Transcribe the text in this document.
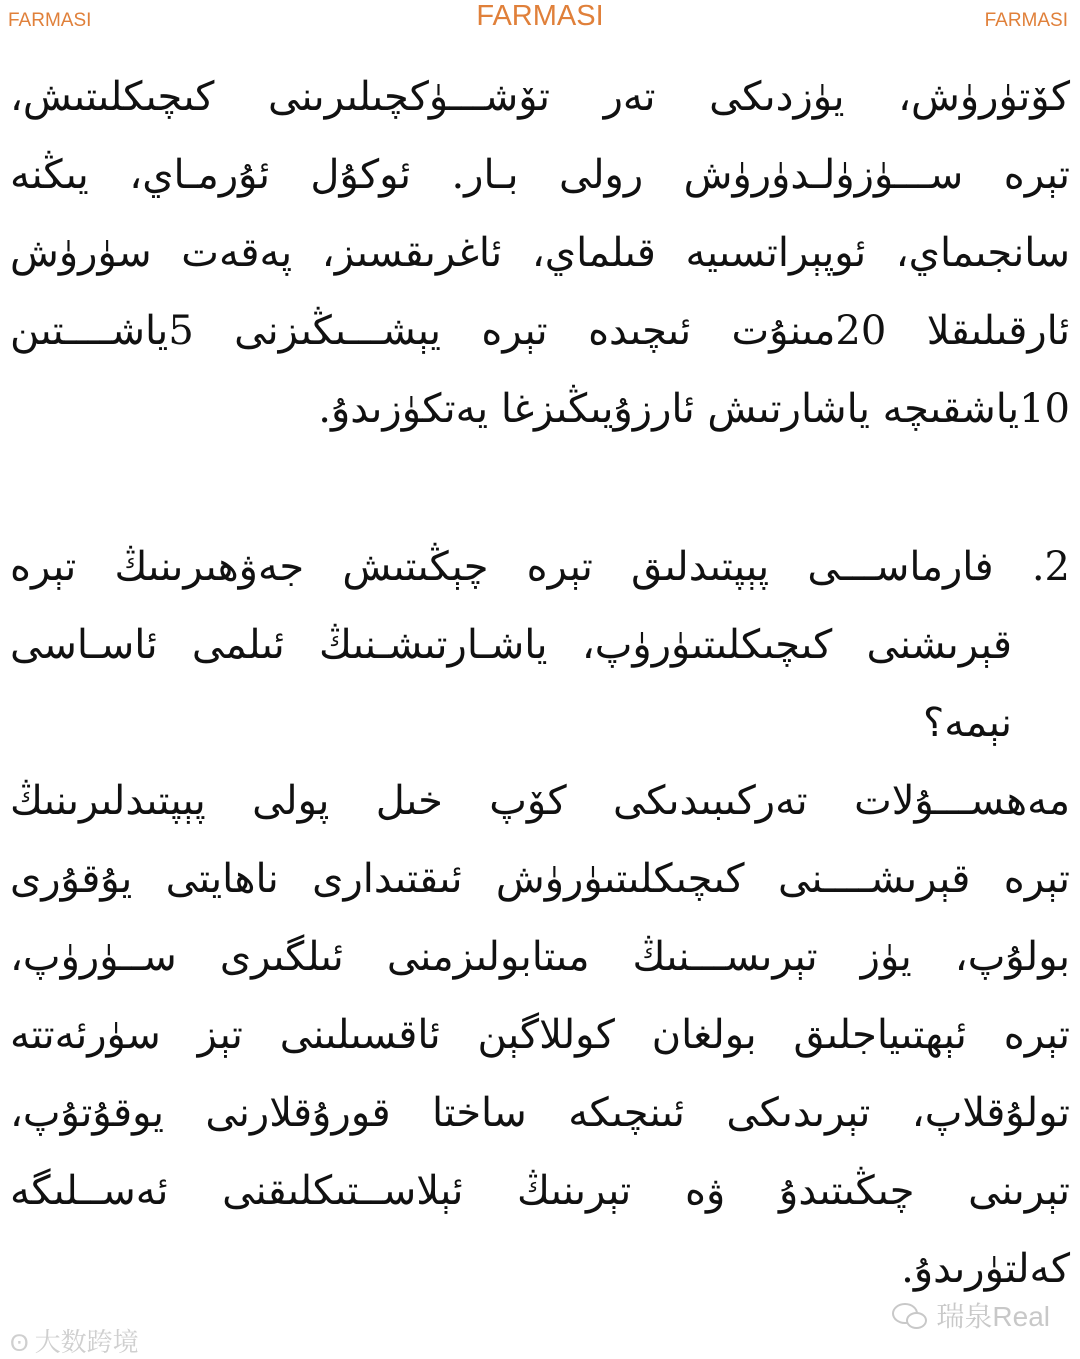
FARMASI	FARMASI	FARMASI
كۆتۈرۈش، يۈزدىكى تەر تۆشـــۈكچىلىرىنى كىچىكلىتىش،
تېرە ســـۈزۈلـدۈرۈش رولى بـار. ئوكۇل ئۇرمـاي، يىڭنە
سانجىماي، ئوپېراتسىيە قىلماي، ئاغرىقسىز، پەقەت سۈرۈش
ئارقىلىقلا 20مىنۇت ئىچىدە تېرە يېشـــىڭىزنى 5ياشــــتىن
10ياشقىچە ياشارتىش ئارزۇيىڭىزغا يەتكۈزىدۇ.
2. فارماســـى پېپتىدلىق تېرە چېڭىتىش جەۋھىرىنىڭ تېرە
قېرىشنى كىچىكلىتىۈرۈپ، ياشـارتىشـنىڭ ئىلمى ئاسـاسى
نېمە؟
مەھســـۇلات تەركىبىدىكى كۆپ خىل پولى پېپتىدلىرىنىڭ
تېرە قېرىشــــنى كىچىكلىتىۈرۈش ئىقتىدارى ناھايتى يۇقۇرى
بولۇپ، يۈز تېرىســـنىڭ مىتابولىزمنى ئىلگىرى ســۈرۈپ،
تېرە ئېھتىياجلىق بولغان كوللاگېن ئاقسىلىنى تېز سۈرئەتتە
تولۇقلاپ، تېرىدىكى ئىنچىكە ساختا قورۇقلارنى يوقۇتۇپ،
تېرىنى چىڭىتىدۇ ۋە تېرىنىڭ ئېلاســتىكلىقنى ئەســلىگە
كەلتۈرىدۇ.
ʘ 大数跨境
瑞泉Real
